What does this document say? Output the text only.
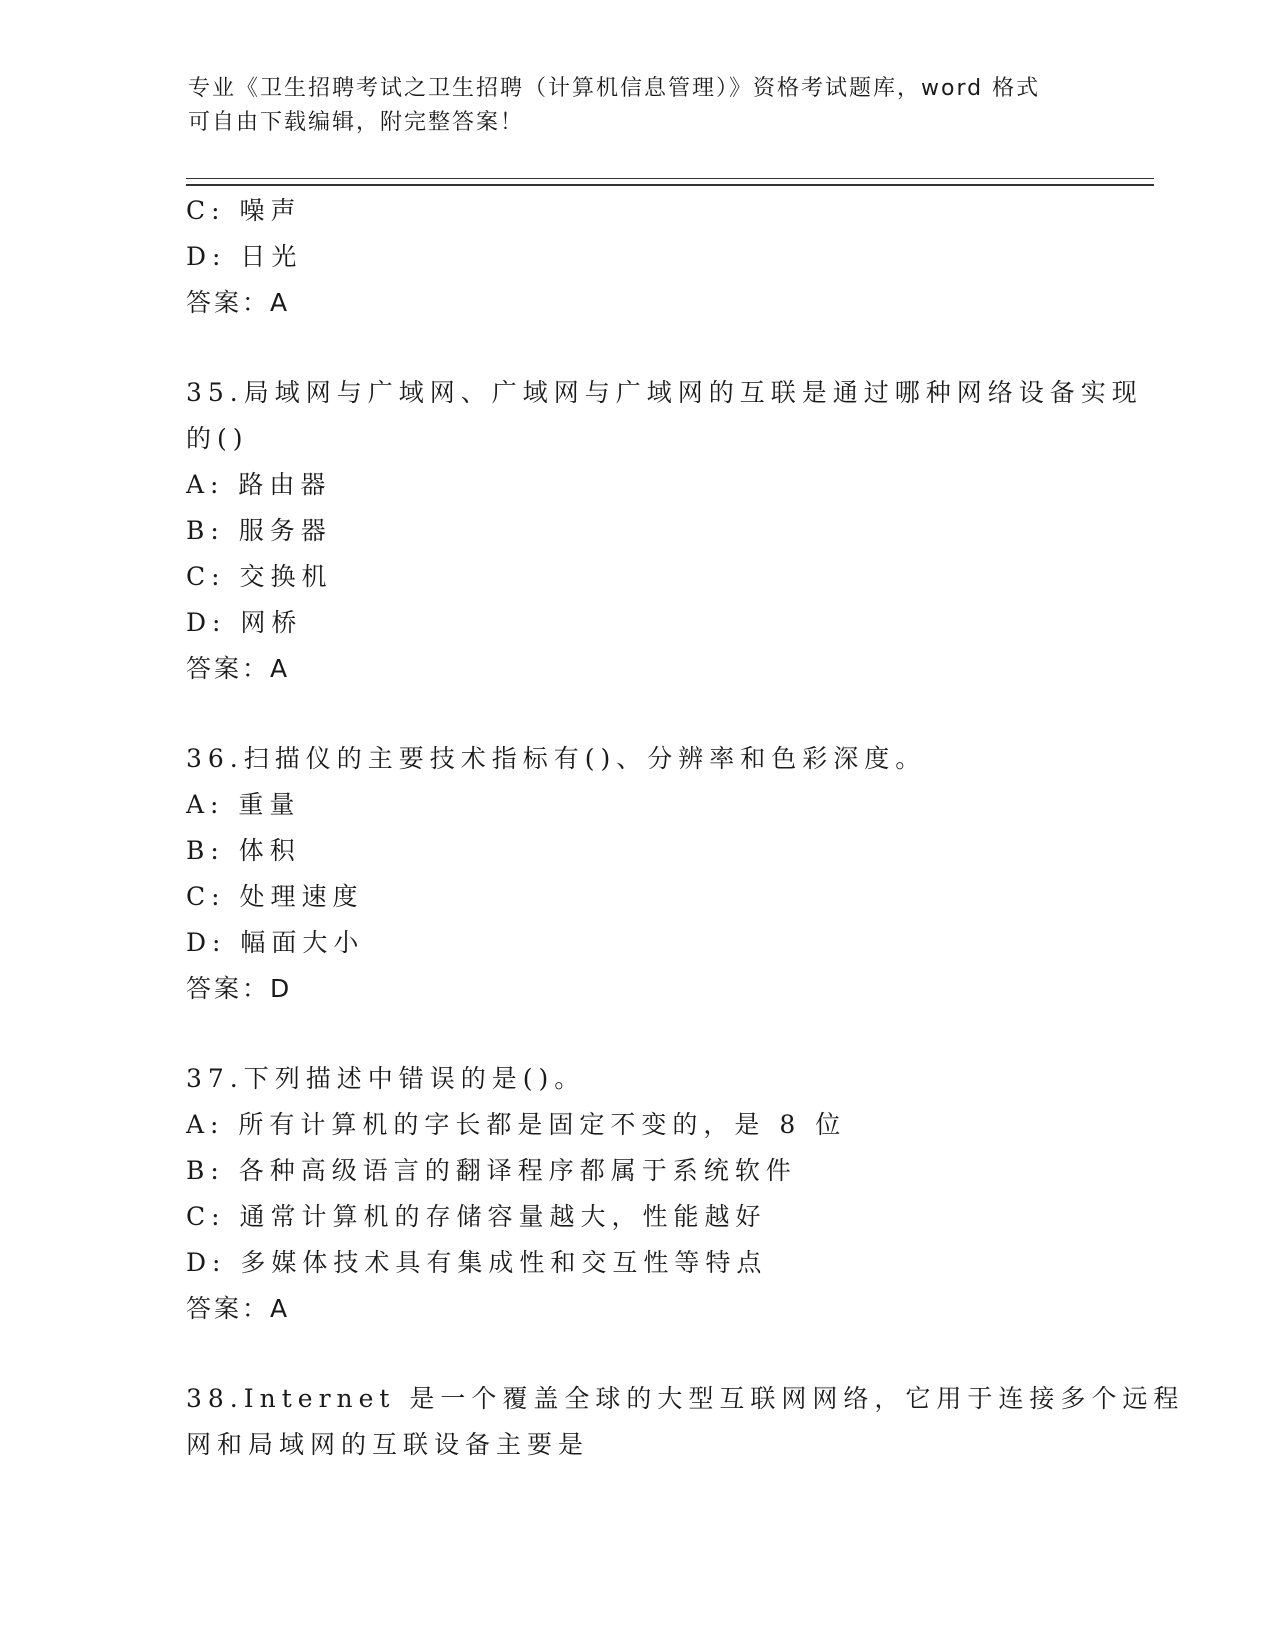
专业《卫生招聘考试之卫生招聘（计算机信息管理）》资格考试题库，word 格式
可自由下载编辑，附完整答案！
C: 噪声
D: 日光
答案：A
35.局域网与广域网、广域网与广域网的互联是通过哪种网络设备实现
的()
A: 路由器
B: 服务器
C: 交换机
D: 网桥
答案：A
36.扫描仪的主要技术指标有()、分辨率和色彩深度。
A: 重量
B: 体积
C: 处理速度
D: 幅面大小
答案：D
37.下列描述中错误的是()。
A: 所有计算机的字长都是固定不变的，是 8 位
B: 各种高级语言的翻译程序都属于系统软件
C: 通常计算机的存储容量越大，性能越好
D: 多媒体技术具有集成性和交互性等特点
答案：A
38.Internet 是一个覆盖全球的大型互联网网络，它用于连接多个远程
网和局域网的互联设备主要是
